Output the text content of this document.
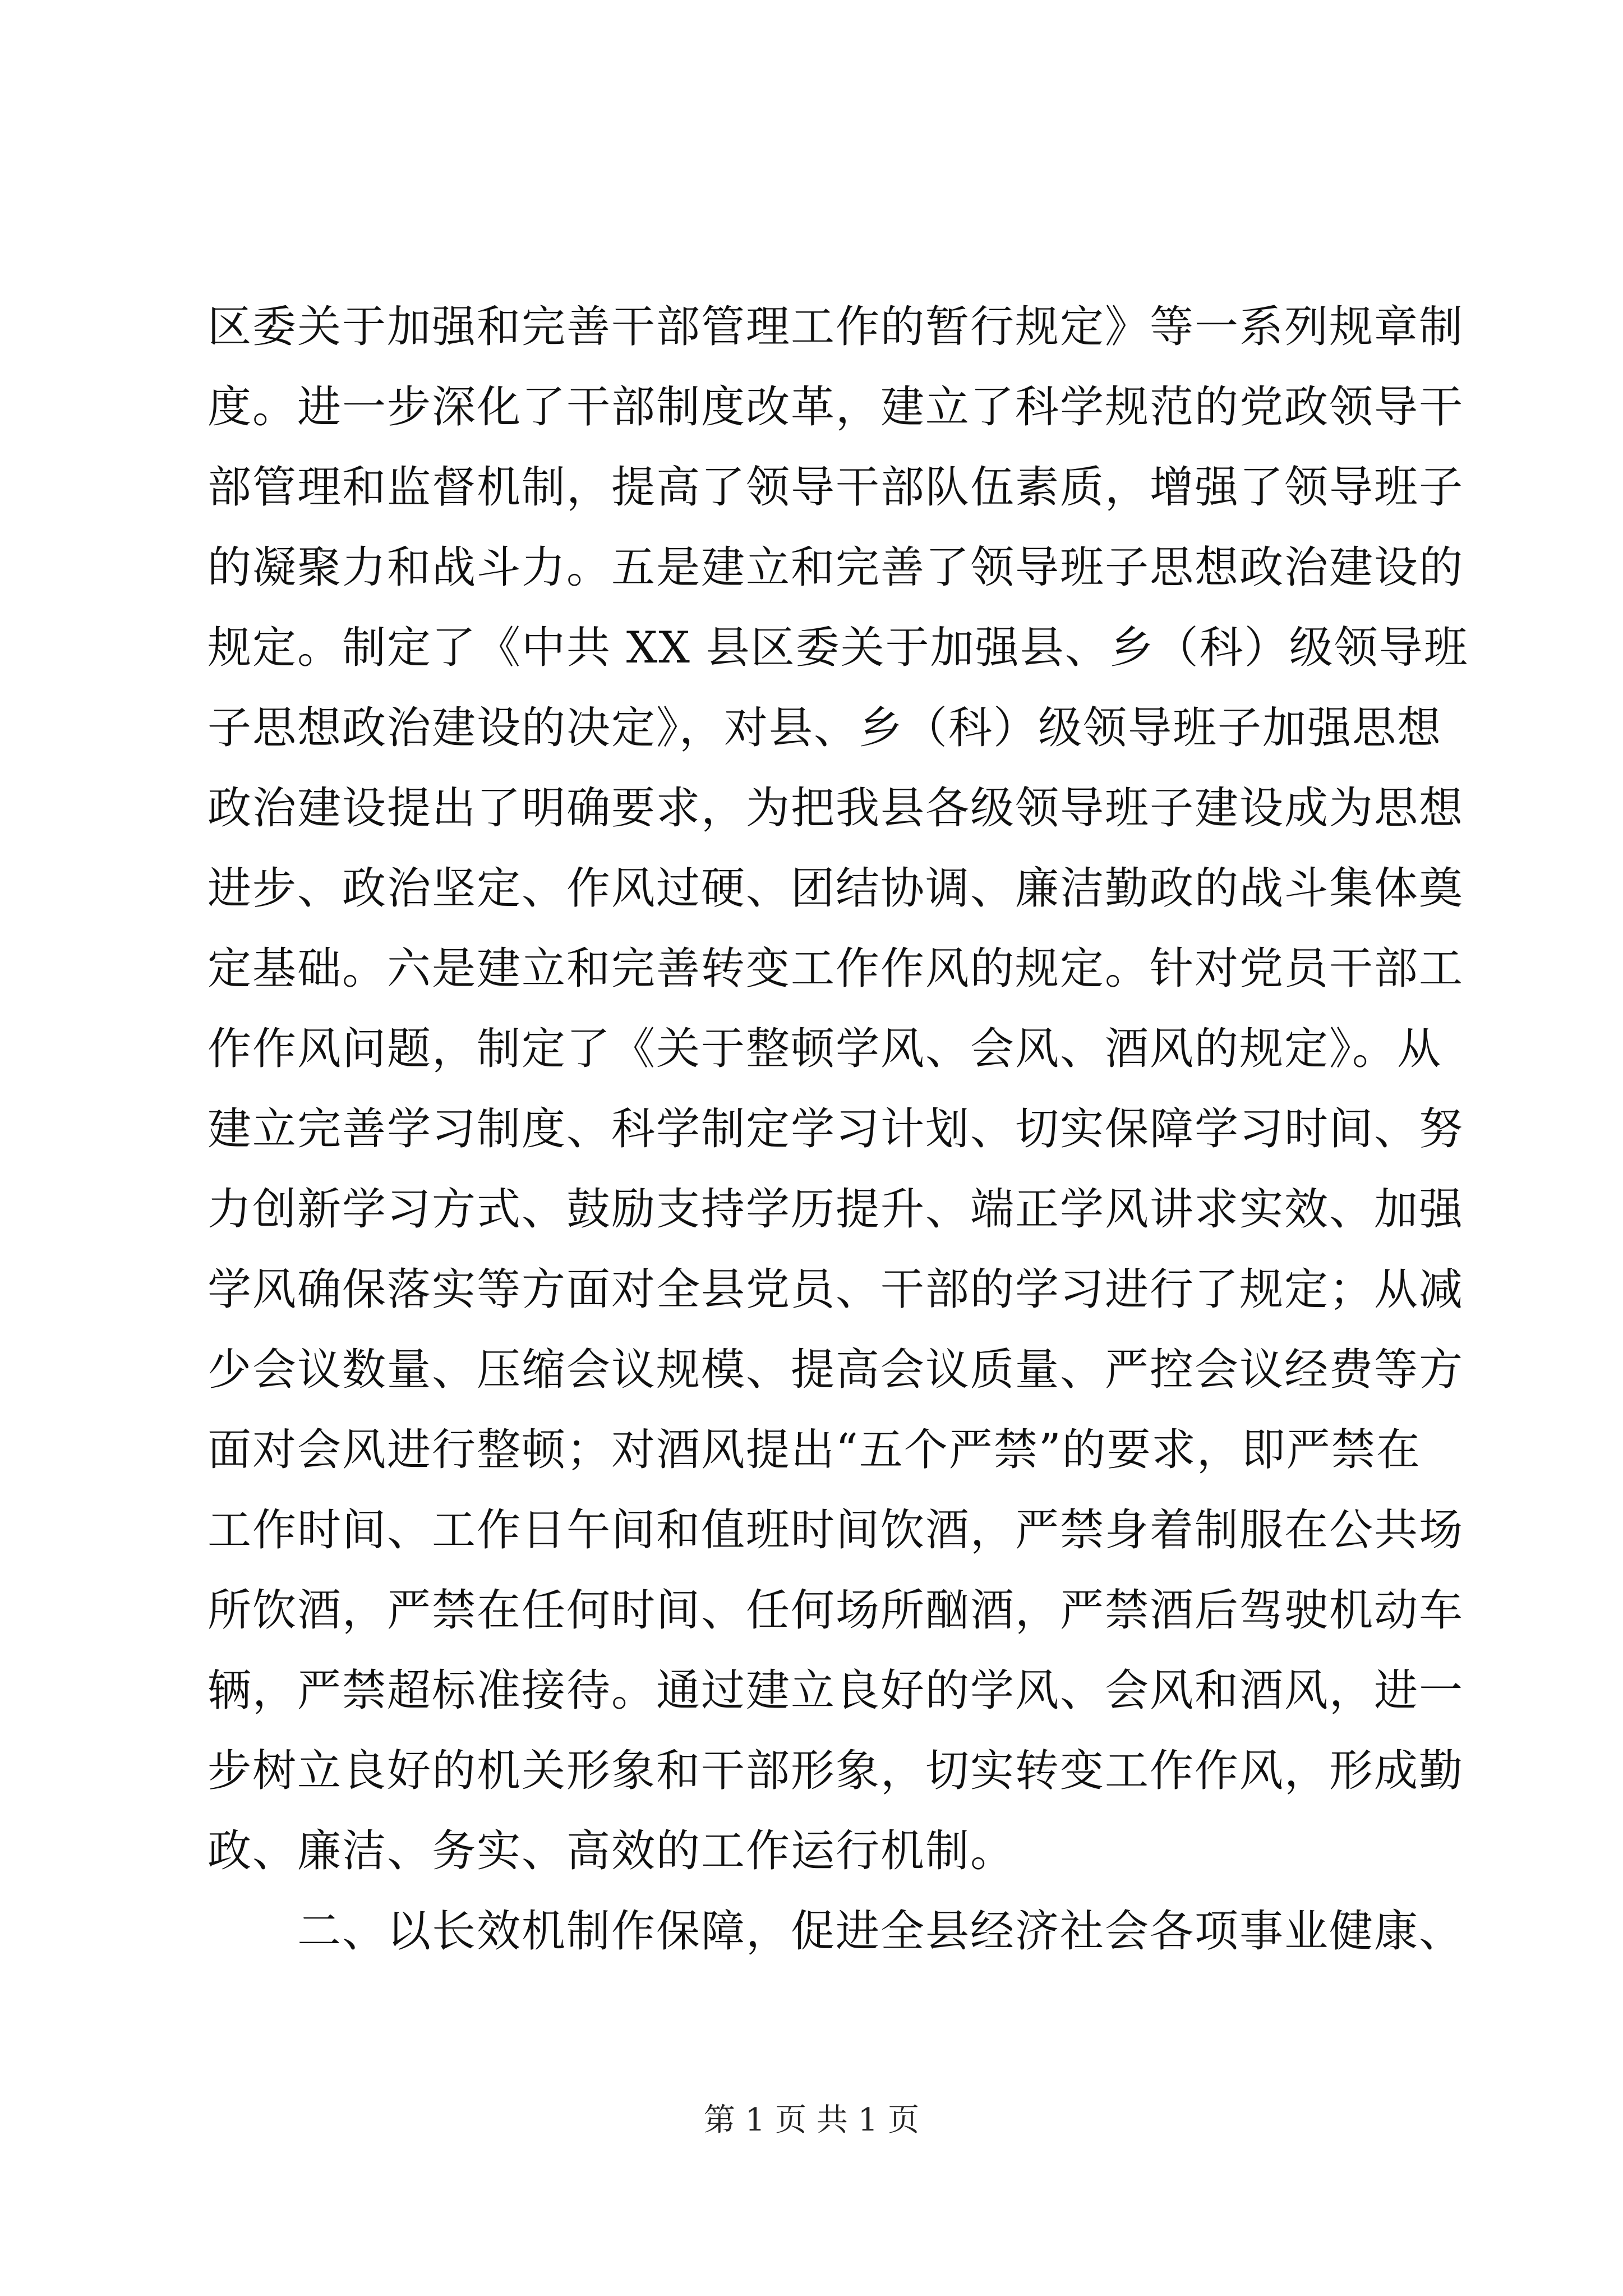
区委关于加强和完善干部管理工作的暂行规定》等一系列规章制
度。进一步深化了干部制度改革，建立了科学规范的党政领导干
部管理和监督机制，提高了领导干部队伍素质，增强了领导班子
的凝聚力和战斗力。五是建立和完善了领导班子思想政治建设的
规定。制定了《中共 XX 县区委关于加强县、乡（科）级领导班
子思想政治建设的决定》，对县、乡（科）级领导班子加强思想
政治建设提出了明确要求，为把我县各级领导班子建设成为思想
进步、政治坚定、作风过硬、团结协调、廉洁勤政的战斗集体奠
定基础。六是建立和完善转变工作作风的规定。针对党员干部工
作作风问题，制定了《关于整顿学风、会风、酒风的规定》。从
建立完善学习制度、科学制定学习计划、切实保障学习时间、努
力创新学习方式、鼓励支持学历提升、端正学风讲求实效、加强
学风确保落实等方面对全县党员、干部的学习进行了规定；从减
少会议数量、压缩会议规模、提高会议质量、严控会议经费等方
面对会风进行整顿；对酒风提出“五个严禁”的要求，即严禁在
工作时间、工作日午间和值班时间饮酒，严禁身着制服在公共场
所饮酒，严禁在任何时间、任何场所酗酒，严禁酒后驾驶机动车
辆，严禁超标准接待。通过建立良好的学风、会风和酒风，进一
步树立良好的机关形象和干部形象，切实转变工作作风，形成勤
政、廉洁、务实、高效的工作运行机制。
二、以长效机制作保障，促进全县经济社会各项事业健康、
第 1 页 共 1 页
